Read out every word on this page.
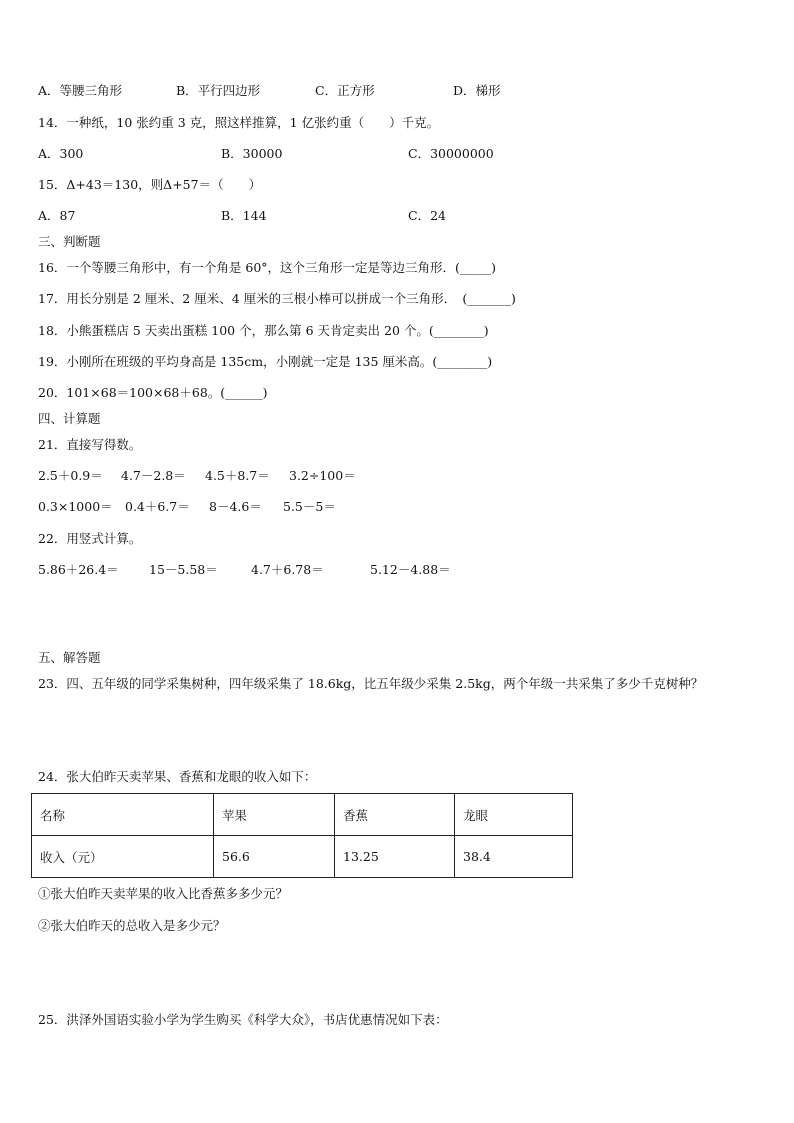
A．等腰三角形	B．平行四边形	C．正方形	D．梯形
14．一种纸，10 张约重 3 克，照这样推算，1 亿张约重（　　）千克。
A．300	B．30000	C．30000000
15．Δ+43＝130，则Δ+57＝（　　）
A．87	B．144	C．24
三、判断题
16．一个等腰三角形中，有一个角是 60°，这个三角形一定是等边三角形．(_____)
17．用长分别是 2 厘米、2 厘米、4 厘米的三根小棒可以拼成一个三角形．　(_______)
18．小熊蛋糕店 5 天卖出蛋糕 100 个，那么第 6 天肯定卖出 20 个。(________)
19．小刚所在班级的平均身高是 135cm，小刚就一定是 135 厘米高。(________)
20．101×68＝100×68＋68。(______)
四、计算题
21．直接写得数。
2.5＋0.9＝ 4.7－2.8＝ 4.5＋8.7＝ 3.2÷100＝
0.3×1000＝ 0.4＋6.7＝ 8－4.6＝ 5.5－5＝
22．用竖式计算。
5.86＋26.4＝ 15－5.58＝	4.7＋6.78＝	5.12－4.88＝
五、解答题
23．四、五年级的同学采集树种，四年级采集了 18.6kg，比五年级少采集 2.5kg，两个年级一共采集了多少千克树种？
24．张大伯昨天卖苹果、香蕉和龙眼的收入如下：
名称	苹果	香蕉	龙眼
收入（元）	56.6	13.25	38.4
①张大伯昨天卖苹果的收入比香蕉多多少元？
②张大伯昨天的总收入是多少元？
25．洪泽外国语实验小学为学生购买《科学大众》，书店优惠情况如下表：
